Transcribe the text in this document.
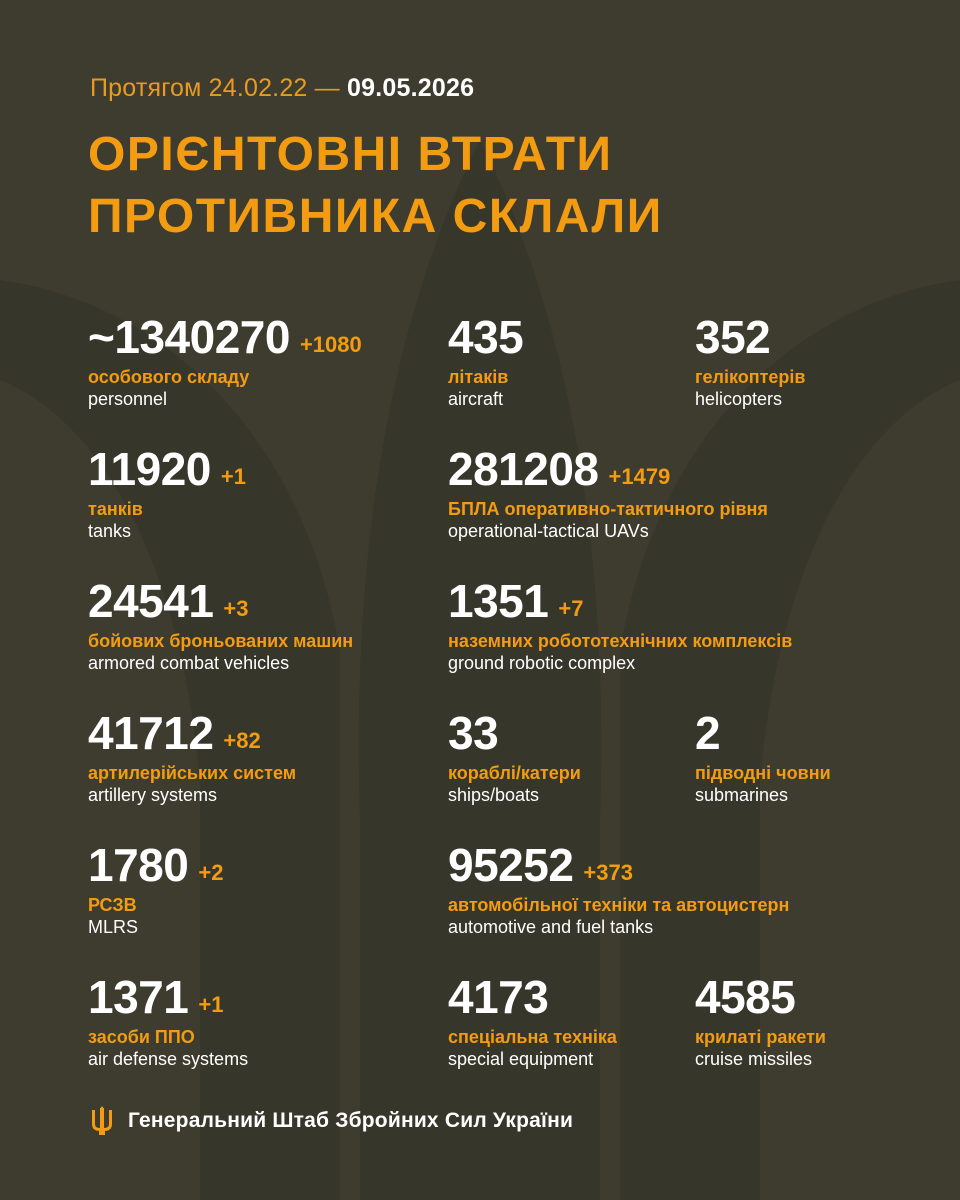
Протягом 24.02.22 — 09.05.2026
ОРІЄНТОВНІ ВТРАТИ
ПРОТИВНИКА СКЛАЛИ
~1340270 +1080
особового складу
personnel
435
літаків
aircraft
352
гелікоптерів
helicopters
11920 +1
танків
tanks
281208 +1479
БПЛА оперативно-тактичного рівня
operational-tactical UAVs
24541 +3
бойових броньованих машин
armored combat vehicles
1351 +7
наземних робототехнічних комплексів
ground robotic complex
41712 +82
артилерійських систем
artillery systems
33
кораблі/катери
ships/boats
2
підводні човни
submarines
1780 +2
РСЗВ
MLRS
95252 +373
автомобільної техніки та автоцистерн
automotive and fuel tanks
1371 +1
засоби ППО
air defense systems
4173
спеціальна техніка
special equipment
4585
крилаті ракети
cruise missiles
Генеральний Штаб Збройних Сил України
